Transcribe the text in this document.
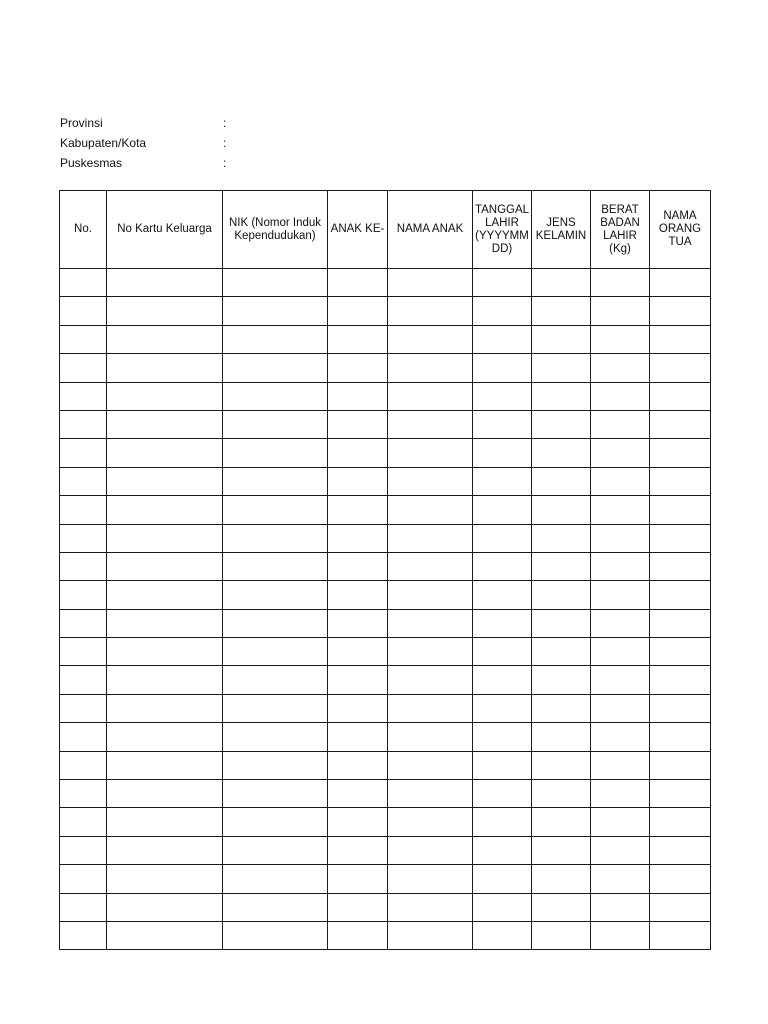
Provinsi	:
Kabupaten/Kota	:
Puskesmas	:
No.	No Kartu Keluarga	NIK (Nomor Induk Kependudukan)	ANAK KE-	NAMA ANAK	TANGGAL LAHIR (YYYYMM DD)	JENS KELAMIN	BERAT BADAN LAHIR (Kg)	NAMA ORANG TUA
